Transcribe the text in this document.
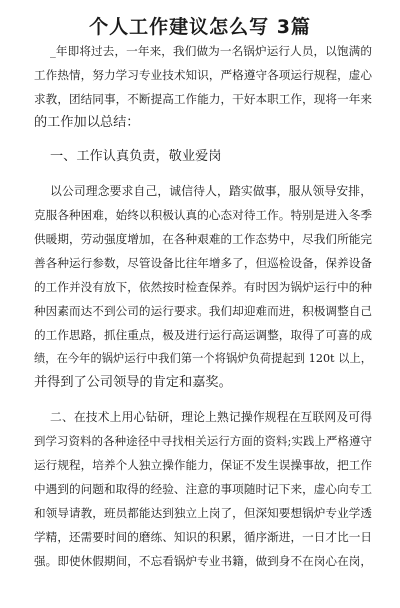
个人工作建议怎么写 3篇
_年即将过去，一年来，我们做为一名锅炉运行人员，以饱满的
工作热情，努力学习专业技术知识，严格遵守各项运行规程，虚心
求教，团结同事，不断提高工作能力，干好本职工作，现将一年来
的工作加以总结：
一、工作认真负责，敬业爱岗
以公司理念要求自己，诚信待人，踏实做事，服从领导安排，
克服各种困难，始终以积极认真的心态对待工作。特别是进入冬季
供暖期，劳动强度增加，在各种艰难的工作态势中，尽我们所能完
善各种运行参数，尽管设备比往年增多了，但巡检设备，保养设备
的工作并没有放下，依然按时检查保养。有时因为锅炉运行中的种
种因素而达不到公司的运行要求。我们却迎难而进，积极调整自己
的工作思路，抓住重点，极及进行运行高运调整，取得了可喜的成
绩，在今年的锅炉运行中我们第一个将锅炉负荷提起到 120t 以上，
并得到了公司领导的肯定和嘉奖。
二、在技术上用心钻研，理论上熟记操作规程在互联网及可得
到学习资料的各种途径中寻找相关运行方面的资料;实践上严格遵守
运行规程，培养个人独立操作能力，保证不发生误操事故，把工作
中遇到的问题和取得的经验、注意的事项随时记下来，虚心向专工
和领导请教，班员都能达到独立上岗了，但深知要想锅炉专业学透
学精，还需要时间的磨练、知识的积累，循序渐进，一日才比一日
强。即使休假期间，不忘看锅炉专业书籍，做到身不在岗心在岗，
